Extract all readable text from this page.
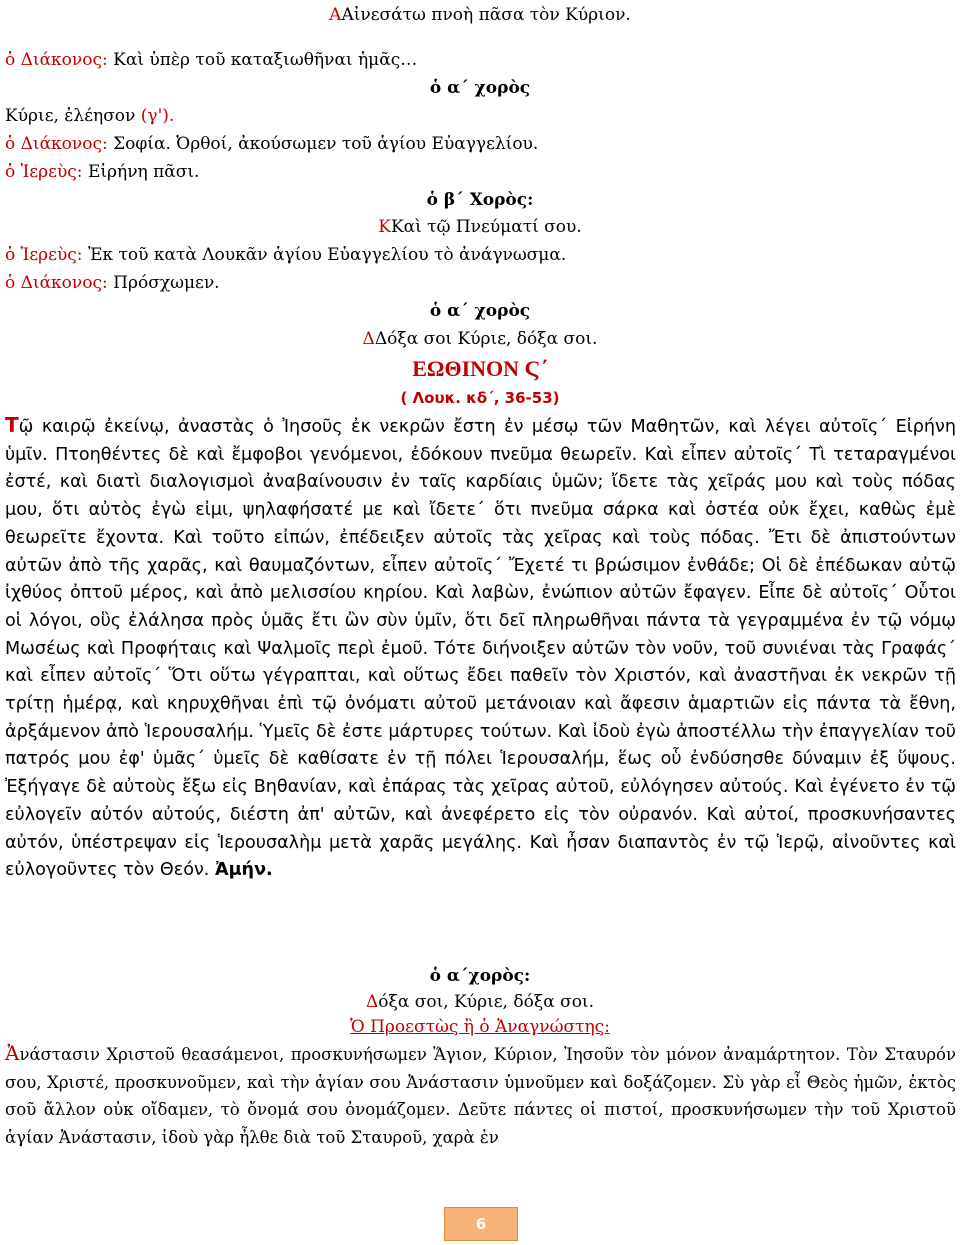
ΑΑἰνεσάτω πνοὴ πᾶσα τὸν Κύριον.
ὁ Διάκονος: Καὶ ὑπὲρ τοῦ καταξιωθῆναι ἡμᾶς…
ὁ α΄ χορὸς
Κύριε, ἐλέησον (γ').
ὁ Διάκονος: Σοφία. Ὀρθοί, ἀκούσωμεν τοῦ ἁγίου Εὐαγγελίου.
ὁ Ἱερεὺς: Εἰρήνη πᾶσι.
ὁ β΄ Χορὸς:
ΚΚαὶ τῷ Πνεύματί σου.
ὁ Ἱερεὺς: Ἐκ τοῦ κατὰ Λουκᾶν ἁγίου Εὐαγγελίου τὸ ἀνάγνωσμα.
ὁ Διάκονος: Πρόσχωμεν.
ὁ α΄ χορὸς
ΔΔόξα σοι Κύριε, δόξα σοι.
ΕΩΘΙΝΟΝ Ϛ΄
( Λουκ. κδ΄, 36-53)

Τῷ καιρῷ ἐκείνῳ, ἀναστὰς ὁ Ἰησοῦς ἐκ νεκρῶν ἔστη ἐν μέσῳ τῶν Μαθητῶν, καὶ λέγει αὐτοῖς΄ Εἰρήνη ὑμῖν. Πτοηθέντες δὲ καὶ ἔμφοβοι γενόμενοι, ἐδόκουν πνεῦμα θεωρεῖν. Καὶ εἶπεν αὐτοῖς΄ Τὶ τεταραγμένοι ἐστέ, καὶ διατὶ διαλογισμοὶ ἀναβαίνουσιν ἐν ταῖς καρδίαις ὑμῶν; ἴδετε τὰς χεῖράς μου καὶ τοὺς πόδας μου, ὅτι αὐτὸς ἐγὼ εἰμι, ψηλαφήσατέ με καὶ ἴδετε΄ ὅτι πνεῦμα σάρκα καὶ ὀστέα οὐκ ἔχει, καθὼς ἐμὲ θεωρεῖτε ἔχοντα. Καὶ τοῦτο εἰπών, ἐπέδειξεν αὐτοῖς τὰς χεῖρας καὶ τοὺς πόδας. Ἔτι δὲ ἀπιστούντων αὐτῶν ἀπὸ τῆς χαρᾶς, καὶ θαυμαζόντων, εἶπεν αὐτοῖς΄ Ἔχετέ τι βρώσιμον ἐνθάδε; Οἱ δὲ ἐπέδωκαν αὐτῷ ἰχθύος ὀπτοῦ μέρος, καὶ ἀπὸ μελισσίου κηρίου. Καὶ λαβὼν, ἐνώπιον αὐτῶν ἔφαγεν. Εἶπε δὲ αὐτοῖς΄ Οὗτοι οἱ λόγοι, οὓς ἐλάλησα πρὸς ὑμᾶς ἔτι ὢν σὺν ὑμῖν, ὅτι δεῖ πληρωθῆναι πάντα τὰ γεγραμμένα ἐν τῷ νόμῳ Μωσέως καὶ Προφήταις καὶ Ψαλμοῖς περὶ ἐμοῦ. Τότε διήνοιξεν αὐτῶν τὸν νοῦν, τοῦ συνιέναι τὰς Γραφάς΄ καὶ εἶπεν αὐτοῖς΄ Ὅτι οὕτω γέγραπται, καὶ οὕτως ἔδει παθεῖν τὸν Χριστόν, καὶ ἀναστῆναι ἐκ νεκρῶν τῇ τρίτῃ ἡμέρᾳ, καὶ κηρυχθῆναι ἐπὶ τῷ ὀνόματι αὐτοῦ μετάνοιαν καὶ ἄφεσιν ἁμαρτιῶν εἰς πάντα τὰ ἔθνη, ἀρξάμενον ἀπὸ Ἱερουσαλήμ. Ὑμεῖς δὲ ἐστε μάρτυρες τούτων. Καὶ ἰδοὺ ἐγὼ ἀποστέλλω τὴν ἐπαγγελίαν τοῦ πατρός μου ἐφ' ὑμᾶς΄ ὑμεῖς δὲ καθίσατε ἐν τῇ πόλει Ἱερουσαλήμ, ἕως οὗ ἐνδύσησθε δύναμιν ἐξ ὕψους. Ἐξήγαγε δὲ αὐτοὺς ἔξω εἰς Βηθανίαν, καὶ ἐπάρας τὰς χεῖρας αὐτοῦ, εὐλόγησεν αὐτούς. Καὶ ἐγένετο ἐν τῷ εὐλογεῖν αὐτόν αὐτούς, διέστη ἀπ' αὐτῶν, καὶ ἀνεφέρετο εἰς τὸν οὐρανόν. Καὶ αὐτοί, προσκυνήσαντες αὐτόν, ὑπέστρεψαν εἰς Ἱερουσαλὴμ μετὰ χαρᾶς μεγάλης. Καὶ ἦσαν διαπαντὸς ἐν τῷ Ἱερῷ, αἰνοῦντες καὶ εὐλογοῦντες τὸν Θεόν. Ἀμήν.

ὁ α΄χορὸς:
Δόξα σοι, Κύριε, δόξα σοι.
Ὁ Προεστὼς ἢ ὁ Ἀναγνώστης:

Ἀνάστασιν Χριστοῦ θεασάμενοι, προσκυνήσωμεν Ἅγιον, Κύριον, Ἰησοῦν τὸν μόνον ἀναμάρτητον. Τὸν Σταυρόν σου, Χριστέ, προσκυνοῦμεν, καὶ τὴν ἁγίαν σου Ἀνάστασιν ὑμνοῦμεν καὶ δοξάζομεν. Σὺ γὰρ εἶ Θεὸς ἡμῶν, ἐκτὸς σοῦ ἄλλον οὐκ οἴδαμεν, τὸ ὄνομά σου ὀνομάζομεν. Δεῦτε πάντες οἱ πιστοί, προσκυνήσωμεν τὴν τοῦ Χριστοῦ ἁγίαν Ἀνάστασιν, ἰδοὺ γὰρ ἦλθε διὰ τοῦ Σταυροῦ, χαρὰ ἐν

6
